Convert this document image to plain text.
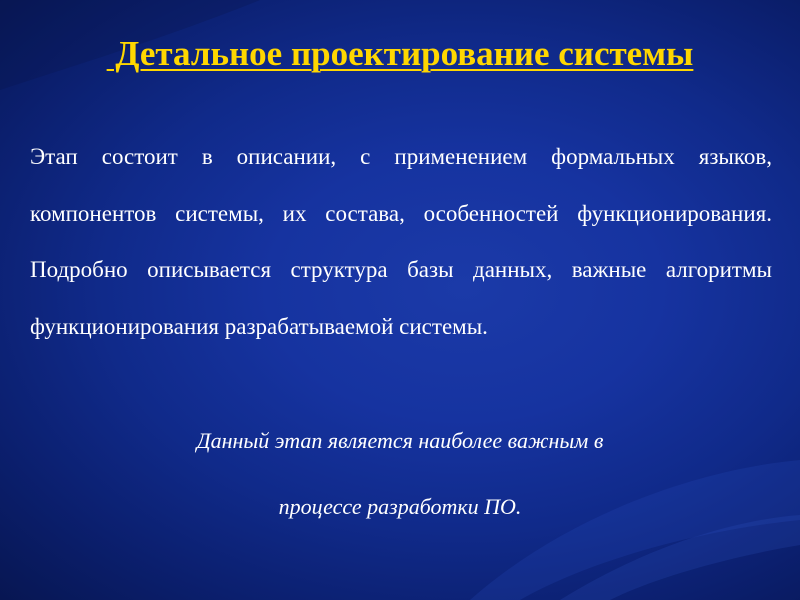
Детальное проектирование системы

Этап состоит в описании, с применением формальных языков, компонентов системы, их состава, особенностей функционирования. Подробно описывается структура базы данных, важные алгоритмы функционирования разрабатываемой системы.

Данный этап является наиболее важным в

процессе разработки ПО.
